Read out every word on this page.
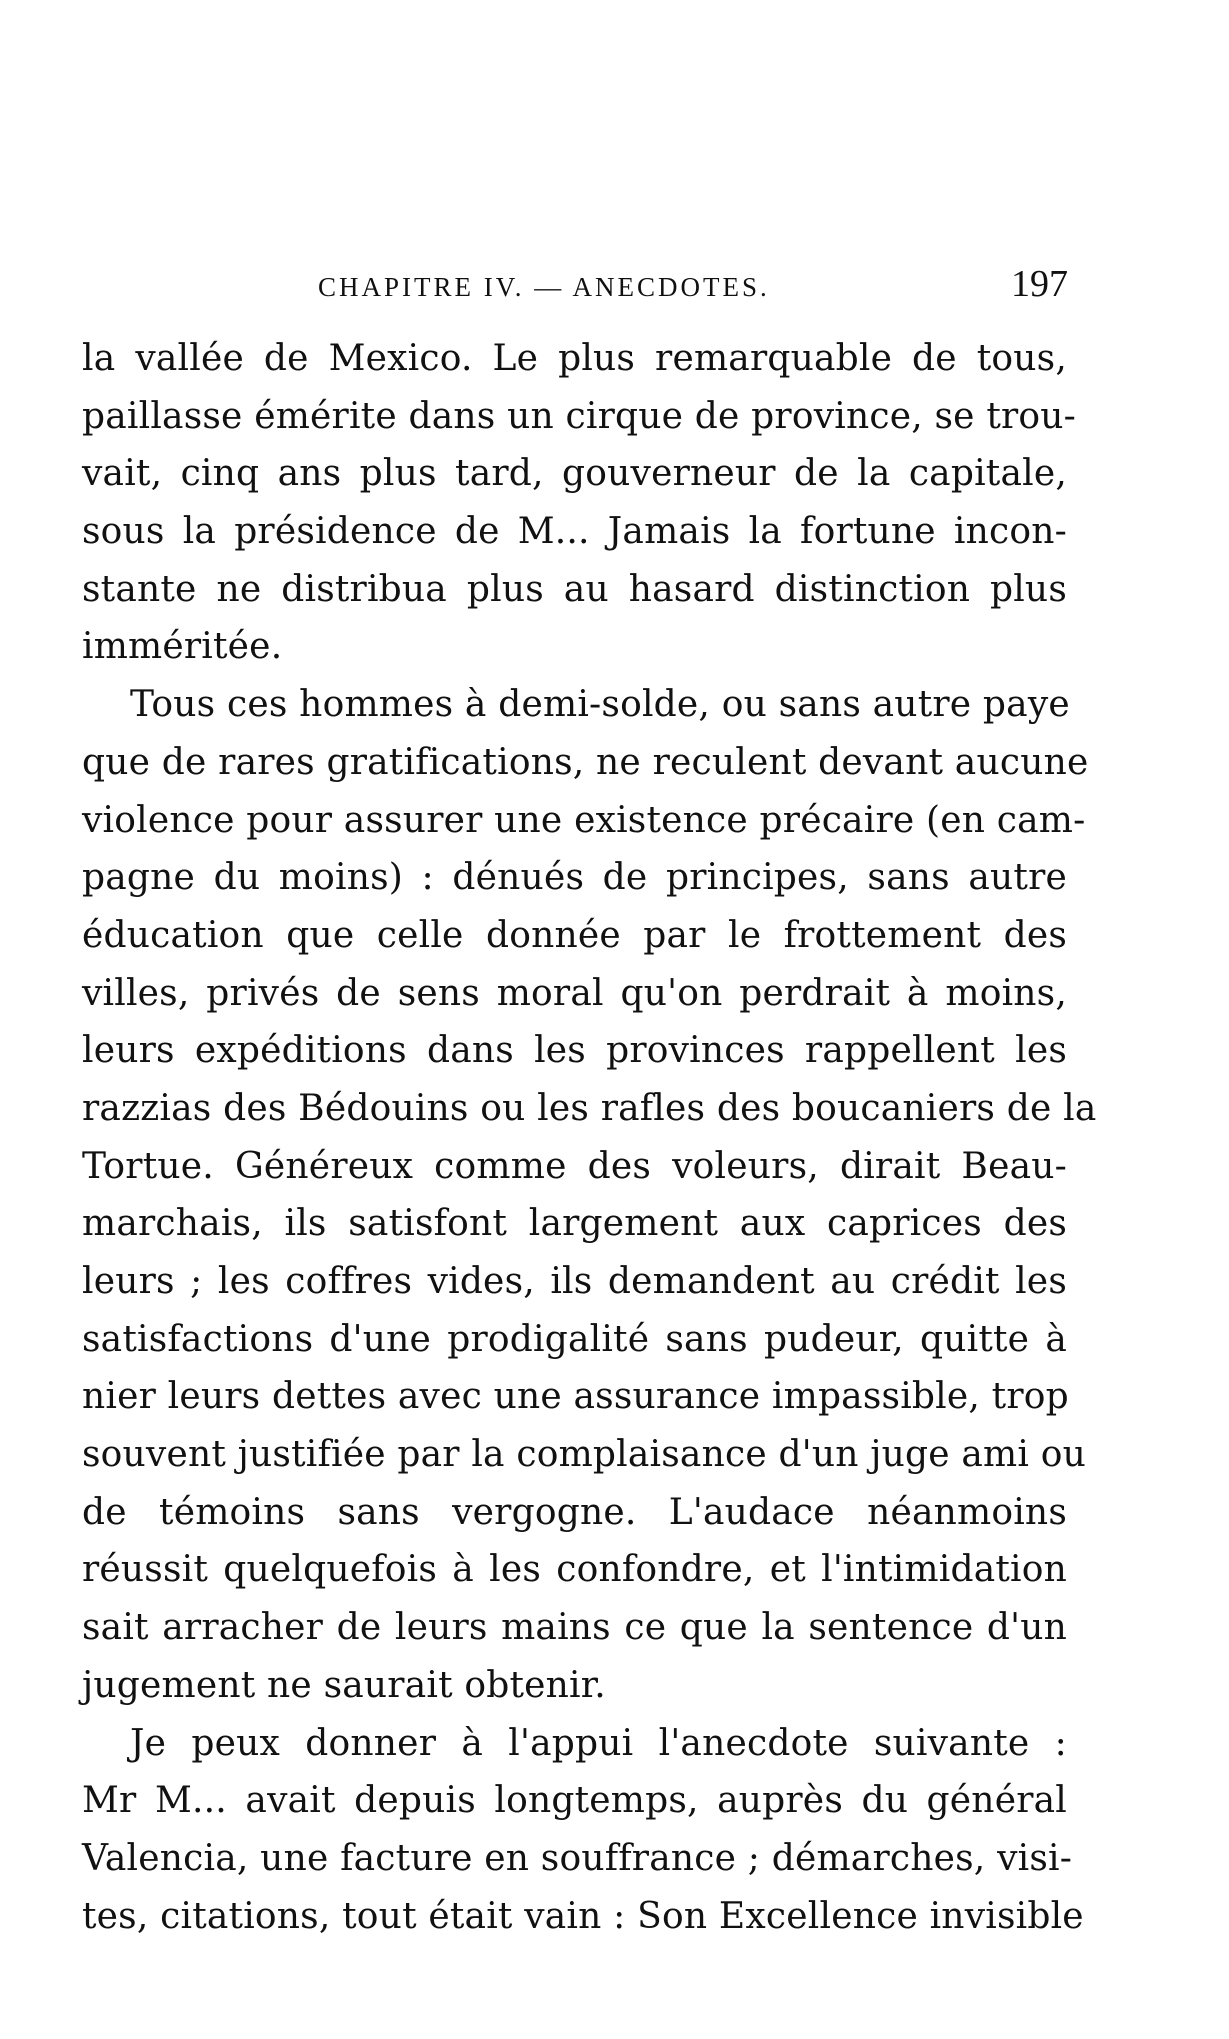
CHAPITRE IV. — ANECDOTES.	197
la vallée de Mexico. Le plus remarquable de tous,
paillasse émérite dans un cirque de province, se trou-
vait, cinq ans plus tard, gouverneur de la capitale,
sous la présidence de M... Jamais la fortune incon-
stante ne distribua plus au hasard distinction plus
imméritée.
Tous ces hommes à demi-solde, ou sans autre paye
que de rares gratifications, ne reculent devant aucune
violence pour assurer une existence précaire (en cam-
pagne du moins) : dénués de principes, sans autre
éducation que celle donnée par le frottement des
villes, privés de sens moral qu'on perdrait à moins,
leurs expéditions dans les provinces rappellent les
razzias des Bédouins ou les rafles des boucaniers de la
Tortue. Généreux comme des voleurs, dirait Beau-
marchais, ils satisfont largement aux caprices des
leurs ; les coffres vides, ils demandent au crédit les
satisfactions d'une prodigalité sans pudeur, quitte à
nier leurs dettes avec une assurance impassible, trop
souvent justifiée par la complaisance d'un juge ami ou
de témoins sans vergogne. L'audace néanmoins
réussit quelquefois à les confondre, et l'intimidation
sait arracher de leurs mains ce que la sentence d'un
jugement ne saurait obtenir.
Je peux donner à l'appui l'anecdote suivante :
Mr M... avait depuis longtemps, auprès du général
Valencia, une facture en souffrance ; démarches, visi-
tes, citations, tout était vain : Son Excellence invisible
